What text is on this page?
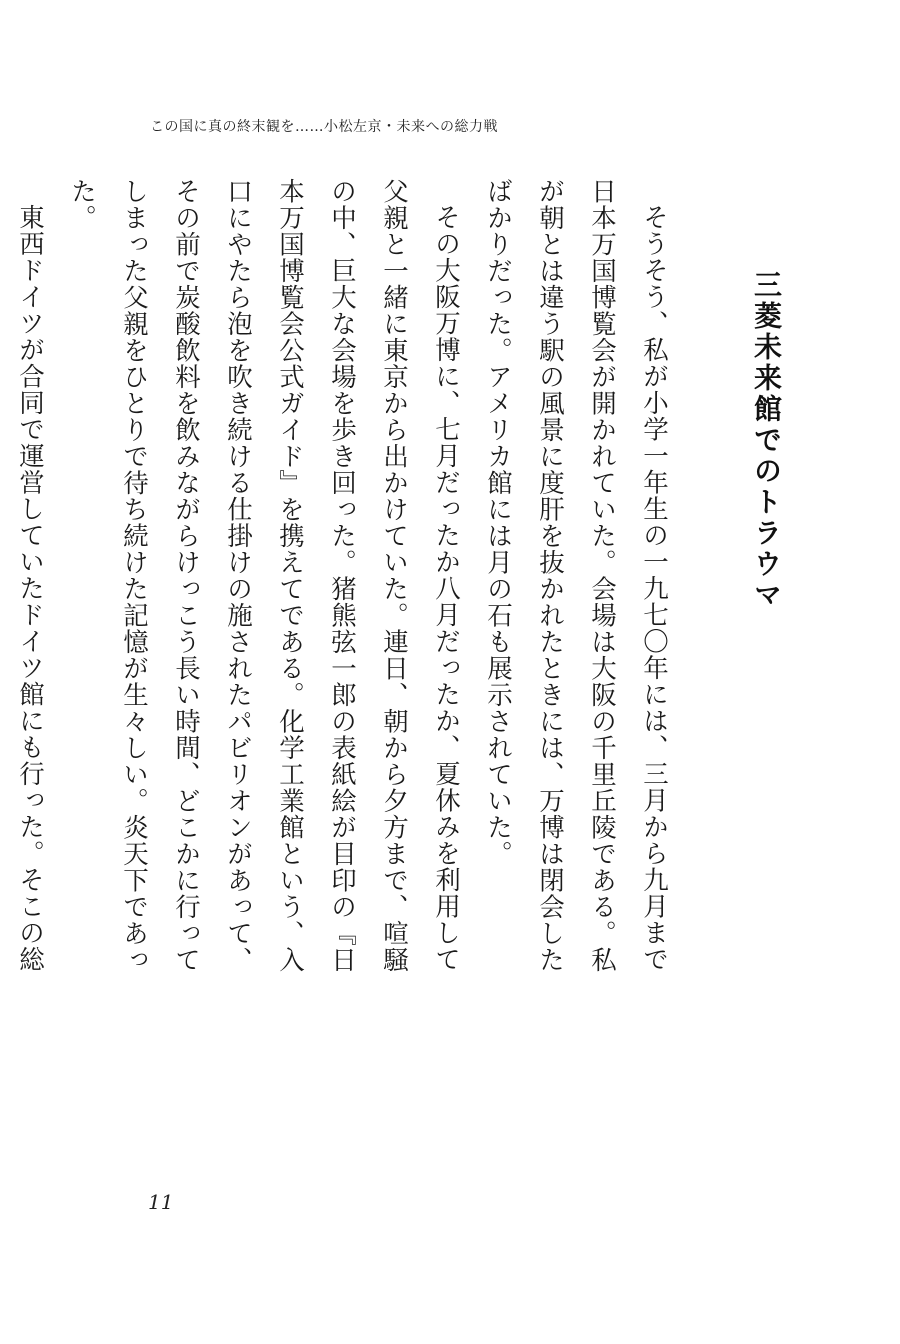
この国に真の終末観を……小松左京・未来への総力戦
三菱未来館でのトラウマ

そうそう、私が小学一年生の一九七〇年には、三月から九月まで日本万国博覧会が開かれていた。会場は大阪の千里丘陵である。私が朝とは違う駅の風景に度肝を抜かれたときには、万博は閉会したばかりだった。アメリカ館には月の石も展示されていた。

その大阪万博に、七月だったか八月だったか、夏休みを利用して父親と一緒に東京から出かけていた。連日、朝から夕方まで、喧騒の中、巨大な会場を歩き回った。猪熊弦一郎の表紙絵が目印の『日本万国博覧会公式ガイド』を携えてである。化学工業館という、入口にやたら泡を吹き続ける仕掛けの施されたパビリオンがあって、その前で炭酸飲料を飲みながらけっこう長い時間、どこかに行ってしまった父親をひとりで待ち続けた記憶が生々しい。炎天下であった。

東西ドイツが合同で運営していたドイツ館にも行った。そこの総

11
